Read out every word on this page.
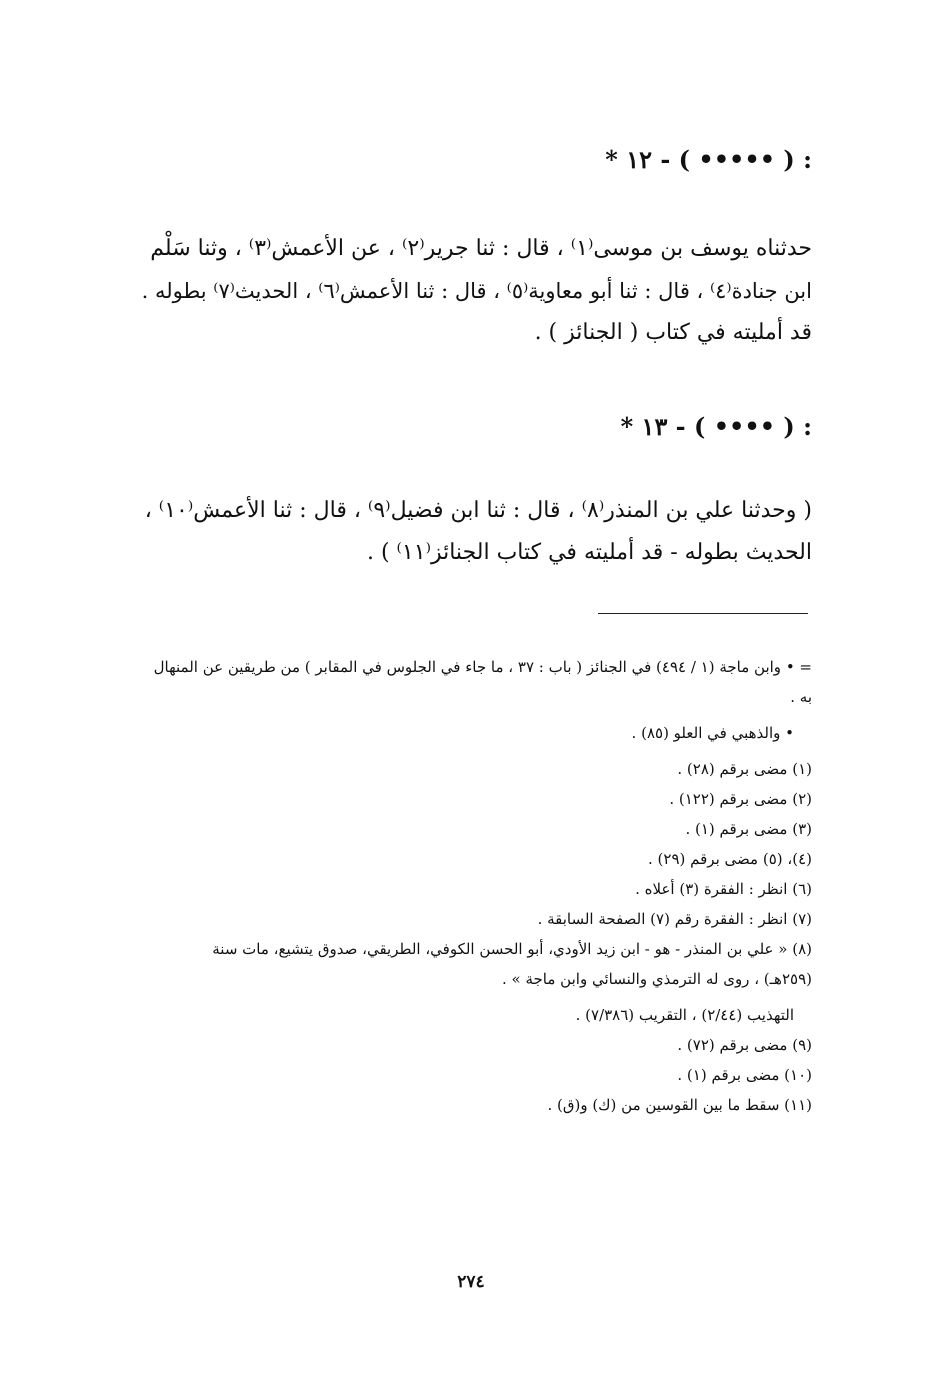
* ١٢ - ( ••••• ) :
حدثناه يوسف بن موسى⁽١⁾ ، قال : ثنا جرير⁽٢⁾ ، عن الأعمش⁽٣⁾ ، وثنا سَلْم
ابن جنادة⁽٤⁾ ، قال : ثنا أبو معاوية⁽٥⁾ ، قال : ثنا الأعمش⁽٦⁾ ، الحديث⁽٧⁾ بطوله .
قد أمليته في كتاب ( الجنائز ) .
* ١٣ - ( •••• ) :
( وحدثنا علي بن المنذر⁽٨⁾ ، قال : ثنا ابن فضيل⁽٩⁾ ، قال : ثنا الأعمش⁽١٠⁾ ،
الحديث بطوله - قد أمليته في كتاب الجنائز⁽١١⁾ ) .
= • وابن ماجة (١ / ٤٩٤) في الجنائز ( باب : ٣٧ ، ما جاء في الجلوس في المقابر ) من طريقين عن المنهال
به .
• والذهبي في العلو (٨٥) .
(١) مضى برقم (٢٨) .
(٢) مضى برقم (١٢٢) .
(٣) مضى برقم (١) .
(٤)، (٥) مضى برقم (٢٩) .
(٦) انظر : الفقرة (٣) أعلاه .
(٧) انظر : الفقرة رقم (٧) الصفحة السابقة .
(٨) « علي بن المنذر - هو - ابن زيد الأودي، أبو الحسن الكوفي، الطريقي، صدوق يتشيع، مات سنة
(٢٥٩هـ) ، روى له الترمذي والنسائي وابن ماجة » .
التهذيب (٢/٤٤) ، التقريب (٧/٣٨٦) .
(٩) مضى برقم (٧٢) .
(١٠) مضى برقم (١) .
(١١) سقط ما بين القوسين من (ك) و(ق) .
٢٧٤
